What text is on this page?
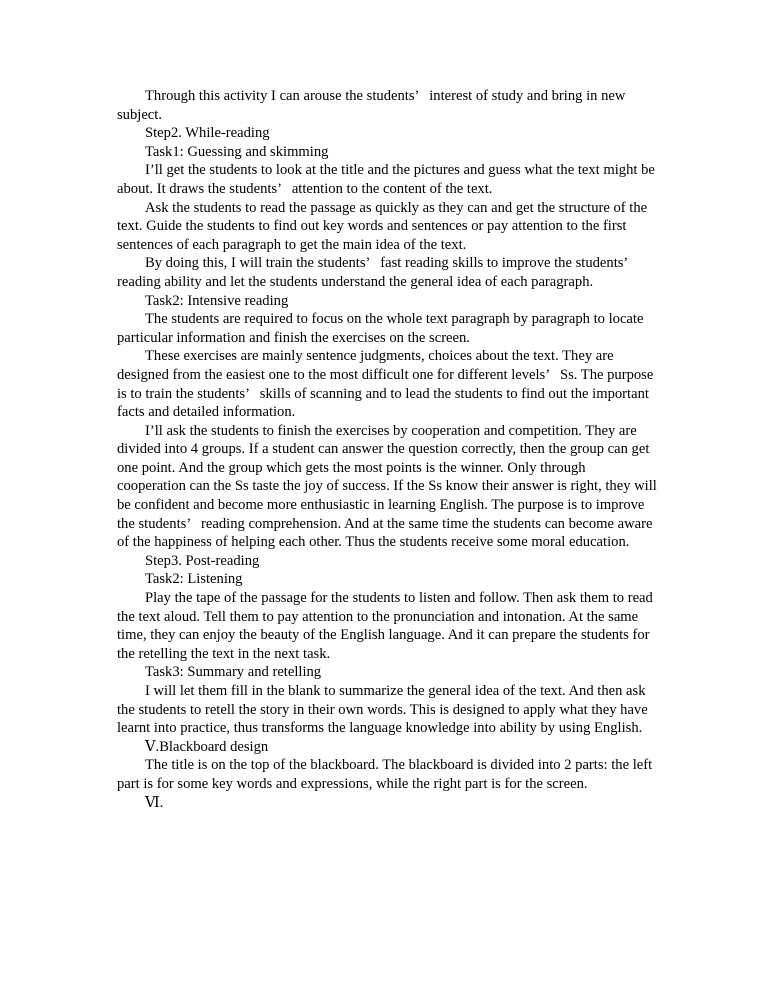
Through this activity I can arouse the students’   interest of study and bring in new subject.

Step2. While-reading

Task1: Guessing and skimming

I’ll get the students to look at the title and the pictures and guess what the text might be about. It draws the students’   attention to the content of the text.

Ask the students to read the passage as quickly as they can and get the structure of the text. Guide the students to find out key words and sentences or pay attention to the first sentences of each paragraph to get the main idea of the text.

By doing this, I will train the students’   fast reading skills to improve the students’   reading ability and let the students understand the general idea of each paragraph.

Task2: Intensive reading

The students are required to focus on the whole text paragraph by paragraph to locate particular information and finish the exercises on the screen.

These exercises are mainly sentence judgments, choices about the text. They are designed from the easiest one to the most difficult one for different levels’   Ss. The purpose is to train the students’   skills of scanning and to lead the students to find out the important facts and detailed information.

I’ll ask the students to finish the exercises by cooperation and competition. They are divided into 4 groups. If a student can answer the question correctly, then the group can get one point. And the group which gets the most points is the winner. Only through cooperation can the Ss taste the joy of success. If the Ss know their answer is right, they will be confident and become more enthusiastic in learning English. The purpose is to improve the students’   reading comprehension. And at the same time the students can become aware of the happiness of helping each other. Thus the students receive some moral education.

Step3. Post-reading

Task2: Listening

Play the tape of the passage for the students to listen and follow. Then ask them to read the text aloud. Tell them to pay attention to the pronunciation and intonation. At the same time, they can enjoy the beauty of the English language. And it can prepare the students for the retelling the text in the next task.

Task3: Summary and retelling

I will let them fill in the blank to summarize the general idea of the text. And then ask the students to retell the story in their own words. This is designed to apply what they have learnt into practice, thus transforms the language knowledge into ability by using English.

Ⅴ.Blackboard design

The title is on the top of the blackboard. The blackboard is divided into 2 parts: the left part is for some key words and expressions, while the right part is for the screen.

Ⅵ.
